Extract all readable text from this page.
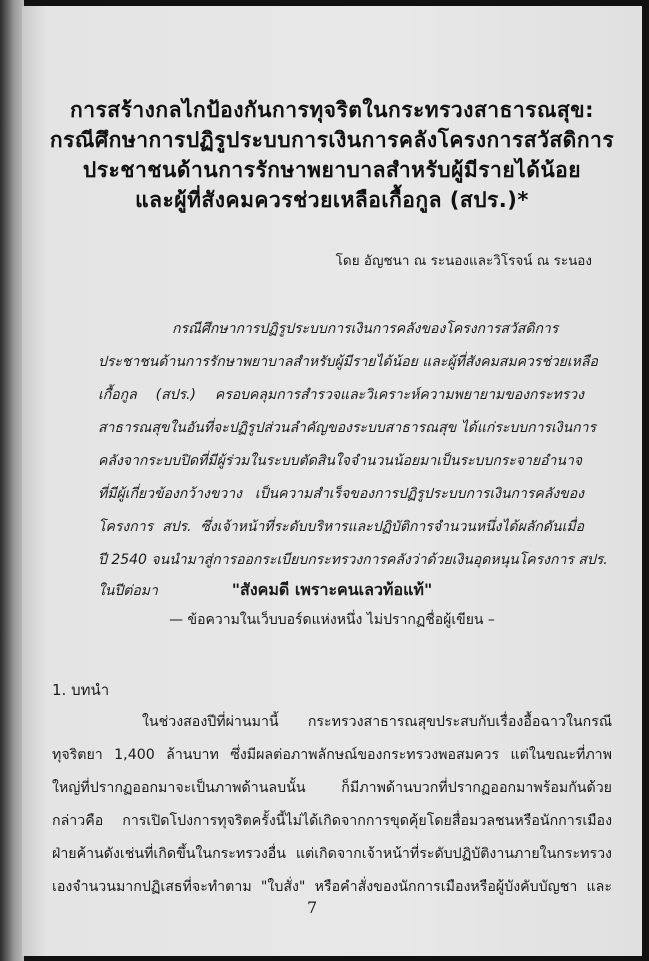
การสร้างกลไกป้องกันการทุจริตในกระทรวงสาธารณสุข:
กรณีศึกษาการปฏิรูประบบการเงินการคลังโครงการสวัสดิการ
ประชาชนด้านการรักษาพยาบาลสำหรับผู้มีรายได้น้อย
และผู้ที่สังคมควรช่วยเหลือเกื้อกูล (สปร.)*
โดย อัญชนา ณ ระนองและวิโรจน์ ณ ระนอง
กรณีศึกษาการปฏิรูประบบการเงินการคลังของโครงการสวัสดิการ
ประชาชนด้านการรักษาพยาบาลสำหรับผู้มีรายได้น้อย และผู้ที่สังคมสมควรช่วยเหลือ
เกื้อกูล (สปร.) ครอบคลุมการสำรวจและวิเคราะห์ความพยายามของกระทรวง
สาธารณสุขในอันที่จะปฏิรูปส่วนลำคัญของระบบสาธารณสุข ได้แก่ระบบการเงินการ
คลังจากระบบปิดที่มีผู้ร่วมในระบบตัดสินใจจำนวนน้อยมาเป็นระบบกระจายอำนาจ
ที่มีผู้เกี่ยวข้องกว้างขวาง เป็นความสำเร็จของการปฏิรูประบบการเงินการคลังของ
โครงการ สปร. ซึ่งเจ้าหน้าที่ระดับบริหารและปฏิบัติการจำนวนหนึ่งได้ผลักดันเมื่อ
ปี 2540 จนนำมาสู่การออกระเบียบกระทรวงการคลังว่าด้วยเงินอุดหนุนโครงการ สปร.
ในปีต่อมา	"สังคมดี เพราะคนเลวท้อแท้"
— ข้อความในเว็บบอร์ดแห่งหนึ่ง ไม่ปรากฏชื่อผู้เขียน –
1. บทนำ
ในช่วงสองปีที่ผ่านมานี้ กระทรวงสาธารณสุขประสบกับเรื่องอื้อฉาวในกรณี
ทุจริตยา 1,400 ล้านบาท ซึ่งมีผลต่อภาพลักษณ์ของกระทรวงพอสมควร แต่ในขณะที่ภาพ
ใหญ่ที่ปรากฏออกมาจะเป็นภาพด้านลบนั้น ก็มีภาพด้านบวกที่ปรากฏออกมาพร้อมกันด้วย
กล่าวคือ การเปิดโปงการทุจริตครั้งนี้ไม่ได้เกิดจากการขุดคุ้ยโดยสื่อมวลชนหรือนักการเมือง
ฝ่ายค้านดังเช่นที่เกิดขึ้นในกระทรวงอื่น แต่เกิดจากเจ้าหน้าที่ระดับปฏิบัติงานภายในกระทรวง
เองจำนวนมากปฏิเสธที่จะทำตาม "ใบสั่ง" หรือคำสั่งของนักการเมืองหรือผู้บังคับบัญชา และ
7
